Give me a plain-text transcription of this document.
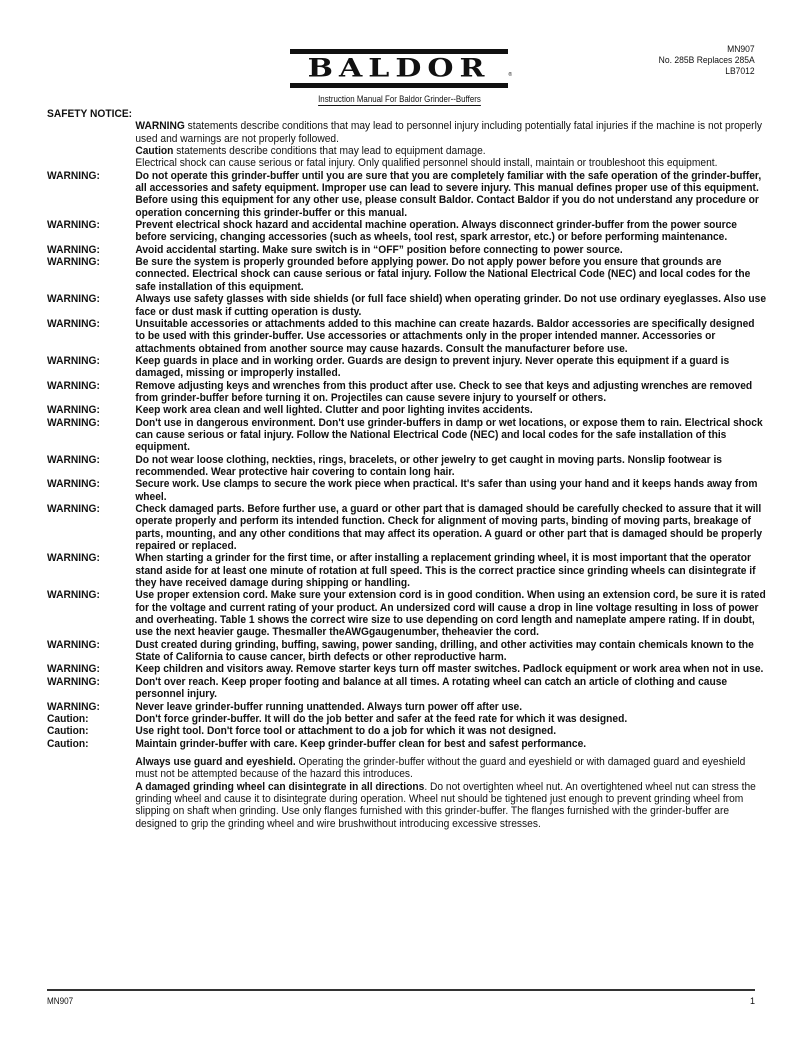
MN907
No. 285B Replaces 285A
LB7012
BALDOR	®
Instruction Manual For Baldor Grinder--Buffers
SAFETY NOTICE:
WARNING statements describe conditions that may lead to personnel injury including potentially fatal injuries if the machine is not properly used and warnings are not properly followed.
Caution statements describe conditions that may lead to equipment damage.
Electrical shock can cause serious or fatal injury. Only qualified personnel should install, maintain or troubleshoot this equipment.
WARNING:	Do not operate this grinder-buffer until you are sure that you are completely familiar with the safe operation of the grinder-buffer, all accessories and safety equipment. Improper use can lead to severe injury. This manual defines proper use of this equipment. Before using this equipment for any other use, please consult Baldor. Contact Baldor if you do not understand any procedure or operation concerning this grinder-buffer or this manual.
WARNING:	Prevent electrical shock hazard and accidental machine operation. Always disconnect grinder-buffer from the power source before servicing, changing accessories (such as wheels, tool rest, spark arrestor, etc.) or before performing maintenance.
WARNING:	Avoid accidental starting. Make sure switch is in “OFF” position before connecting to power source.
WARNING:	Be sure the system is properly grounded before applying power. Do not apply power before you ensure that grounds are connected. Electrical shock can cause serious or fatal injury. Follow the National Electrical Code (NEC) and local codes for the safe installation of this equipment.
WARNING:	Always use safety glasses with side shields (or full face shield) when operating grinder. Do not use ordinary eyeglasses. Also use face or dust mask if cutting operation is dusty.
WARNING:	Unsuitable accessories or attachments added to this machine can create hazards. Baldor accessories are specifically designed to be used with this grinder-buffer. Use accessories or attachments only in the proper intended manner. Accessories or attachments obtained from another source may cause hazards. Consult the manufacturer before use.
WARNING:	Keep guards in place and in working order. Guards are design to prevent injury. Never operate this equipment if a guard is damaged, missing or improperly installed.
WARNING:	Remove adjusting keys and wrenches from this product after use. Check to see that keys and adjusting wrenches are removed from grinder-buffer before turning it on. Projectiles can cause severe injury to yourself or others.
WARNING:	Keep work area clean and well lighted. Clutter and poor lighting invites accidents.
WARNING:	Don't use in dangerous environment. Don't use grinder-buffers in damp or wet locations, or expose them to rain. Electrical shock can cause serious or fatal injury. Follow the National Electrical Code (NEC) and local codes for the safe installation of this equipment.
WARNING:	Do not wear loose clothing, neckties, rings, bracelets, or other jewelry to get caught in moving parts. Nonslip footwear is recommended. Wear protective hair covering to contain long hair.
WARNING:	Secure work. Use clamps to secure the work piece when practical. It's safer than using your hand and it keeps hands away from wheel.
WARNING:	Check damaged parts. Before further use, a guard or other part that is damaged should be carefully checked to assure that it will operate properly and perform its intended function. Check for alignment of moving parts, binding of moving parts, breakage of parts, mounting, and any other conditions that may affect its operation. A guard or other part that is damaged should be properly repaired or replaced.
WARNING:	When starting a grinder for the first time, or after installing a replacement grinding wheel, it is most important that the operator stand aside for at least one minute of rotation at full speed. This is the correct practice since grinding wheels can disintegrate if they have received damage during shipping or handling.
WARNING:	Use proper extension cord. Make sure your extension cord is in good condition. When using an extension cord, be sure it is rated for the voltage and current rating of your product. An undersized cord will cause a drop in line voltage resulting in loss of power and overheating. Table 1 shows the correct wire size to use depending on cord length and nameplate ampere rating. If in doubt, use the next heavier gauge. Thesmaller theAWGgaugenumber, theheavier the cord.
WARNING:	Dust created during grinding, buffing, sawing, power sanding, drilling, and other activities may contain chemicals known to the State of California to cause cancer, birth defects or other reproductive harm.
WARNING:	Keep children and visitors away. Remove starter keys turn off master switches. Padlock equipment or work area when not in use.
WARNING:	Don't over reach. Keep proper footing and balance at all times. A rotating wheel can catch an article of clothing and cause personnel injury.
WARNING:	Never leave grinder-buffer running unattended. Always turn power off after use.
Caution:	Don't force grinder-buffer. It will do the job better and safer at the feed rate for which it was designed.
Caution:	Use right tool. Don't force tool or attachment to do a job for which it was not designed.
Caution:	Maintain grinder-buffer with care. Keep grinder-buffer clean for best and safest performance.
Always use guard and eyeshield. Operating the grinder-buffer without the guard and eyeshield or with damaged guard and eyeshield must not be attempted because of the hazard this introduces.
A damaged grinding wheel can disintegrate in all directions. Do not overtighten wheel nut. An overtightened wheel nut can stress the grinding wheel and cause it to disintegrate during operation. Wheel nut should be tightened just enough to prevent grinding wheel from slipping on shaft when grinding. Use only flanges furnished with this grinder-buffer. The flanges furnished with the grinder-buffer are designed to grip the grinding wheel and wire brushwithout introducing excessive stresses.
MN907	1
